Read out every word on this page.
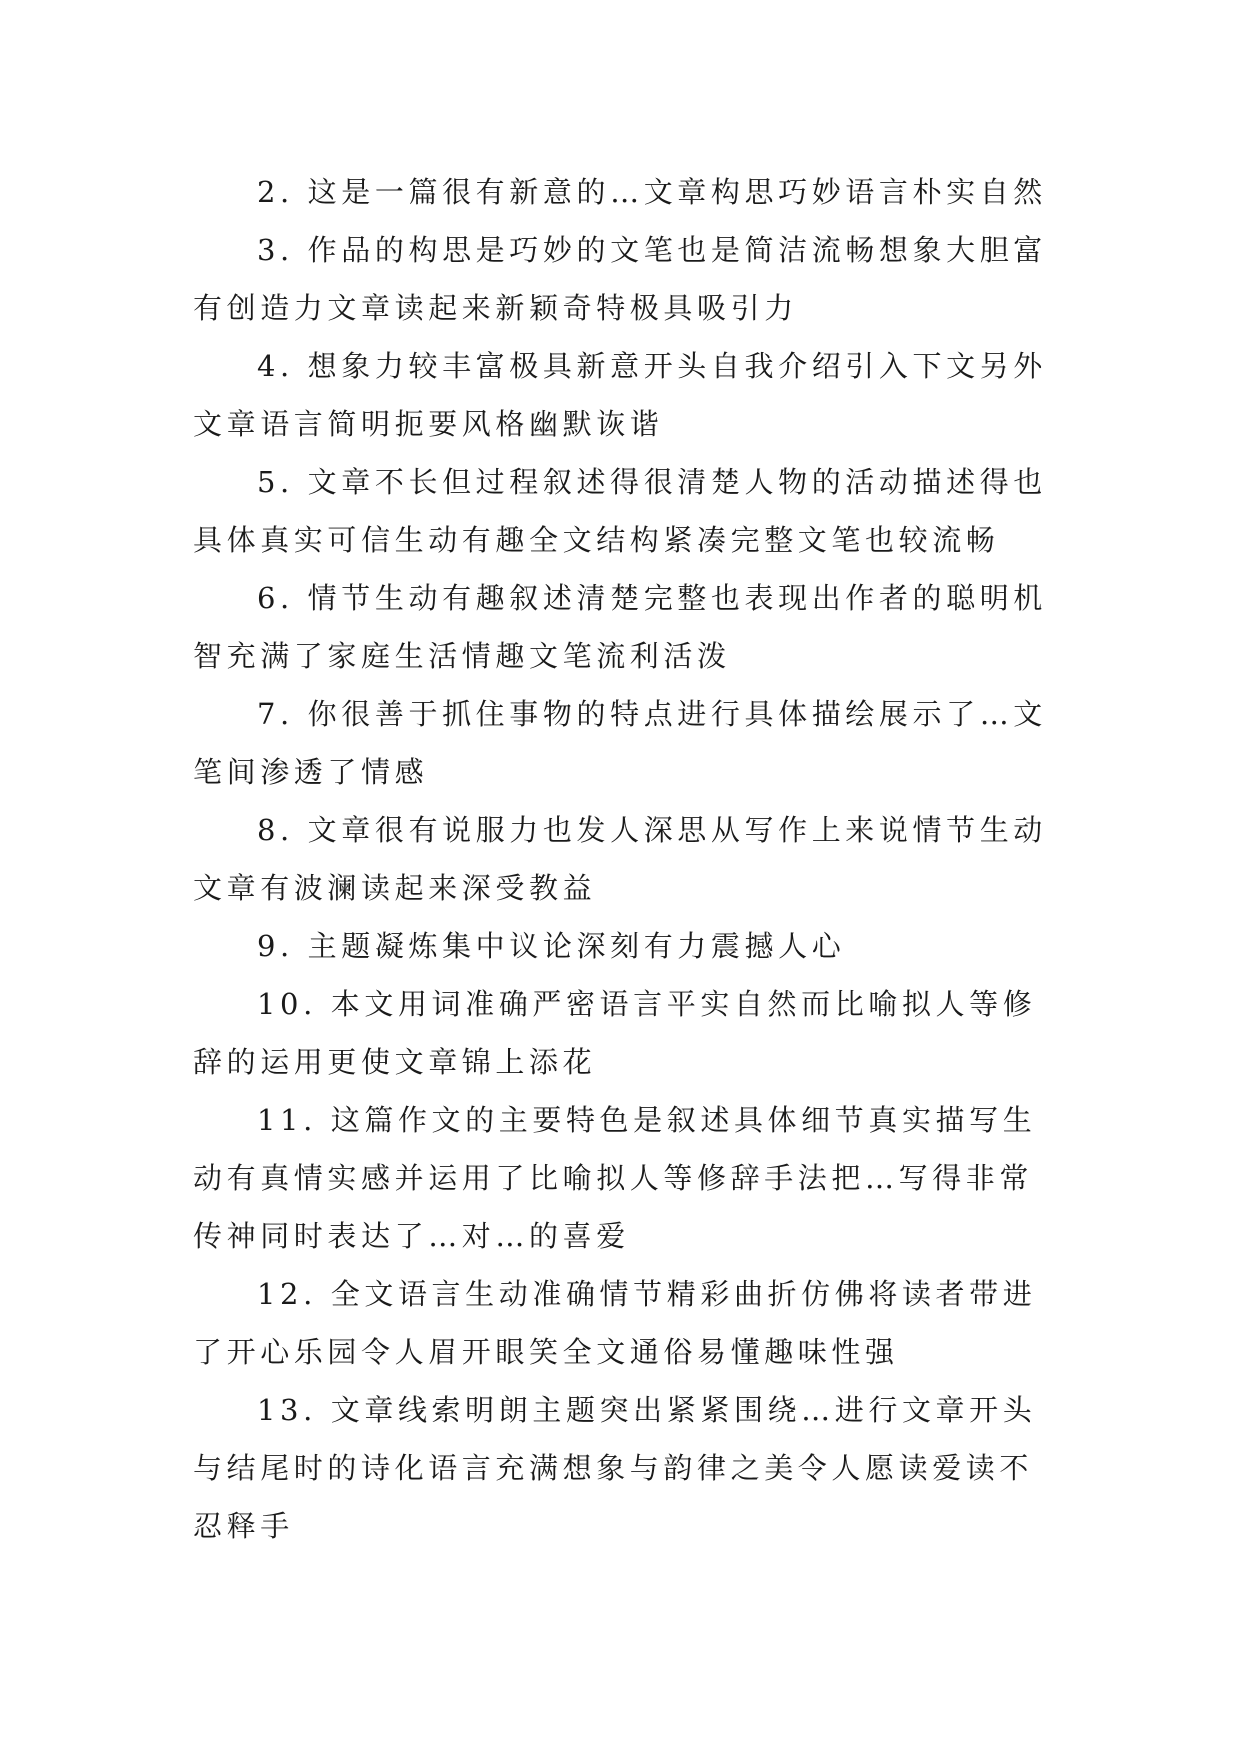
2. 这是一篇很有新意的…文章构思巧妙语言朴实自然

3. 作品的构思是巧妙的文笔也是简洁流畅想象大胆富有创造力文章读起来新颖奇特极具吸引力

4. 想象力较丰富极具新意开头自我介绍引入下文另外文章语言简明扼要风格幽默诙谐

5. 文章不长但过程叙述得很清楚人物的活动描述得也具体真实可信生动有趣全文结构紧凑完整文笔也较流畅

6. 情节生动有趣叙述清楚完整也表现出作者的聪明机智充满了家庭生活情趣文笔流利活泼

7. 你很善于抓住事物的特点进行具体描绘展示了…文笔间渗透了情感

8. 文章很有说服力也发人深思从写作上来说情节生动文章有波澜读起来深受教益

9. 主题凝炼集中议论深刻有力震撼人心

10. 本文用词准确严密语言平实自然而比喻拟人等修辞的运用更使文章锦上添花

11. 这篇作文的主要特色是叙述具体细节真实描写生动有真情实感并运用了比喻拟人等修辞手法把…写得非常传神同时表达了…对…的喜爱

12. 全文语言生动准确情节精彩曲折仿佛将读者带进了开心乐园令人眉开眼笑全文通俗易懂趣味性强

13. 文章线索明朗主题突出紧紧围绕…进行文章开头与结尾时的诗化语言充满想象与韵律之美令人愿读爱读不忍释手
